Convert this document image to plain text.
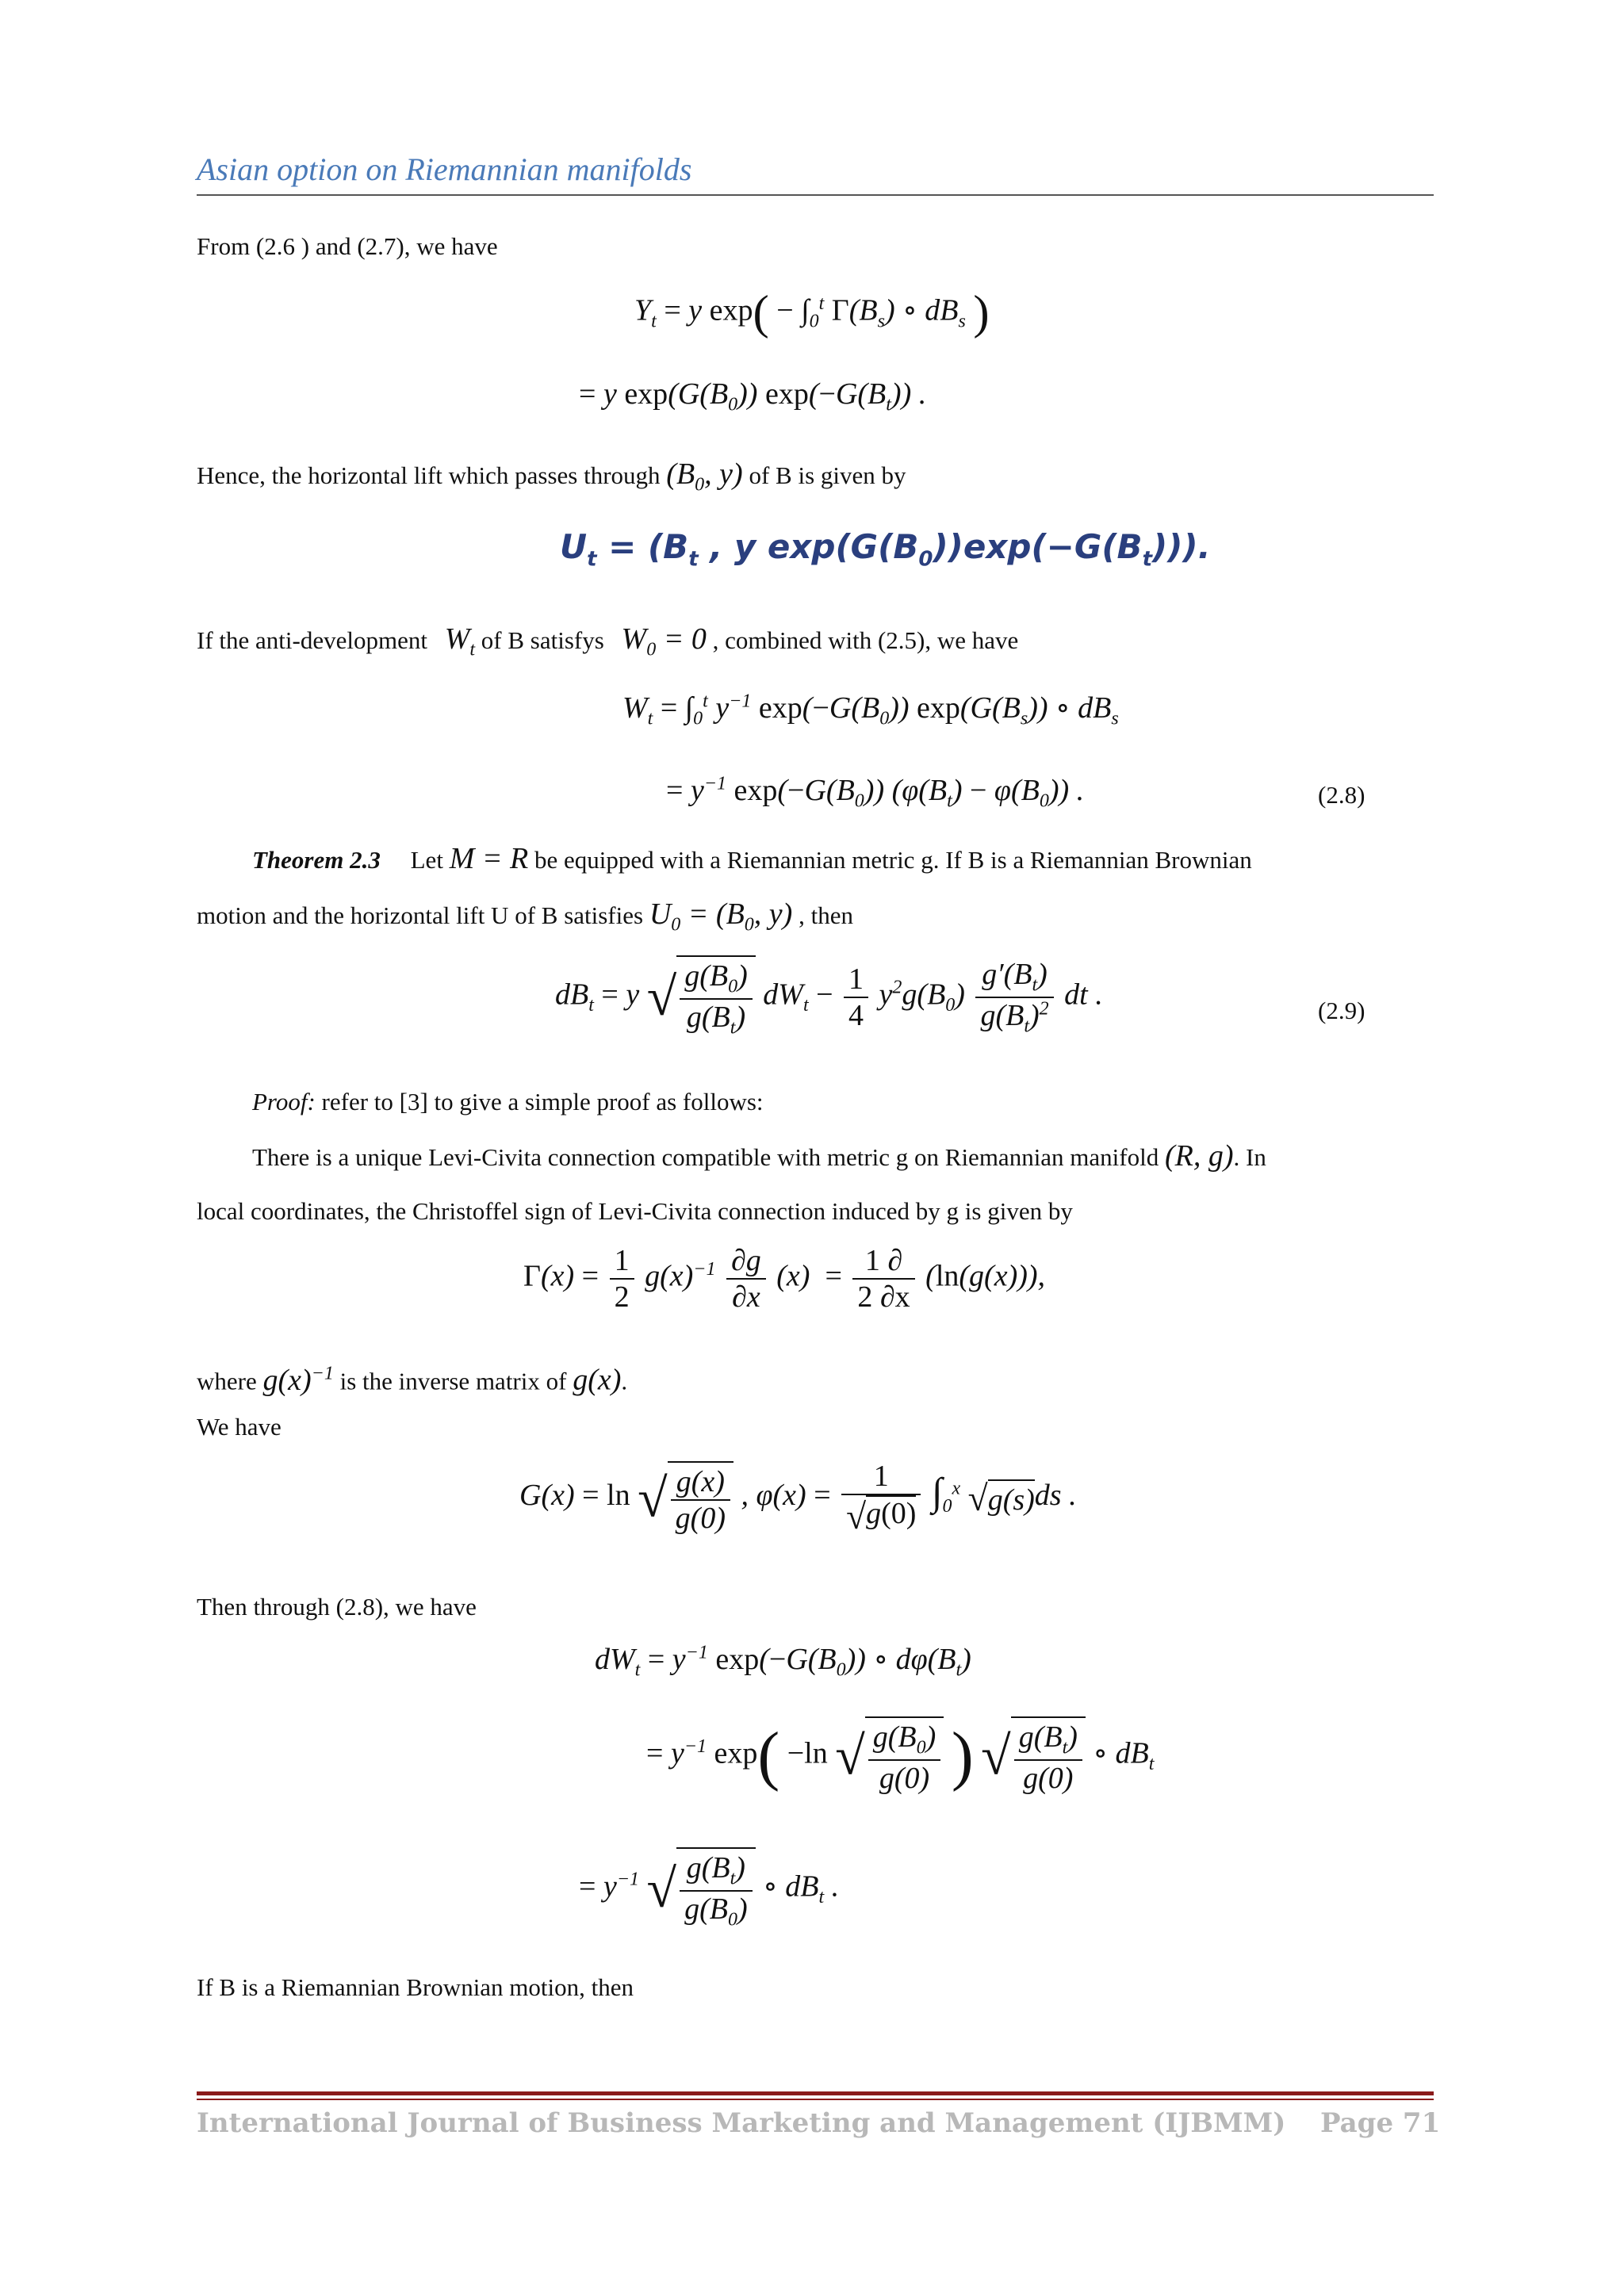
Asian option on Riemannian manifolds
From (2.6 ) and (2.7), we have
$Y_t = y$ $\exp( - \int_0^t$ $\Gamma(B_s)$ ∘ $dB_s$ )
= y $\exp(G(B_0))$ $\exp(-G(B_t))$ .
Hence, the horizontal lift which passes through ($B_0$, y) of B is given by
$U_t = (B_t$ , y $\exp(G(B_0))\exp(-G(B_t))$).
If the anti-development $W_t$ of B satisfys $W_0 = 0$ , combined with (2.5), we have
$W_t = \int_0^t$ $y^{-1}$ $\exp(-G(B_0))$ $\exp(G(B_s))$ ∘ $dB_s$
= $y^{-1}$ $\exp(-G(B_0)) (\varphi(B_t) - \varphi(B_0))$ .	(2.8)
Theorem 2.3 Let M = R be equipped with a Riemannian metric g. If B is a Riemannian Brownian
motion and the horizontal lift U of B satisfies $U_0 = (B_0$, y) , then
$dB_t = y$ √ $\frac{g(B_0)}{g(B_t)} dW_t - \frac{1}{4} y^2g(B_0) \frac{g'(B_t)}{g(B_t)^2}$ dt .	(2.9)
Proof: refer to [3] to give a simple proof as follows:
There is a unique Levi-Civita connection compatible with metric g on Riemannian manifold (R, g). In
local coordinates, the Christoffel sign of Levi-Civita connection induced by g is given by
$\Gamma(x) = \frac{1}{2} g(x)^{-1} \frac{\partial g}{\partial x} (x) = \frac{1 \partial}{2 \partial x} (\ln(g(x)))$,
where $g(x)^{-1}$ is the inverse matrix of g(x).
We have
G(x) = ln √ $\frac{g(x)}{g(0)}$ , $\varphi(x) = \frac{1}{√g(0)} \int_0^x$ √g(s)ds .
Then through (2.8), we have
$dW_t = y^{-1}$ $\exp(-G(B_0))$ ∘ $d\varphi(B_t)$
= $y^{-1}$ exp( −ln √ $\frac{g(B_0)}{g(0)}$ ) √ $\frac{g(B_t)}{g(0)}$ ∘ $dB_t$
= $y^{-1}$ √ $\frac{g(B_t)}{g(B_0)}$ ∘ $dB_t$ .
If B is a Riemannian Brownian motion, then
International Journal of Business Marketing and Management (IJBMM) Page 71
